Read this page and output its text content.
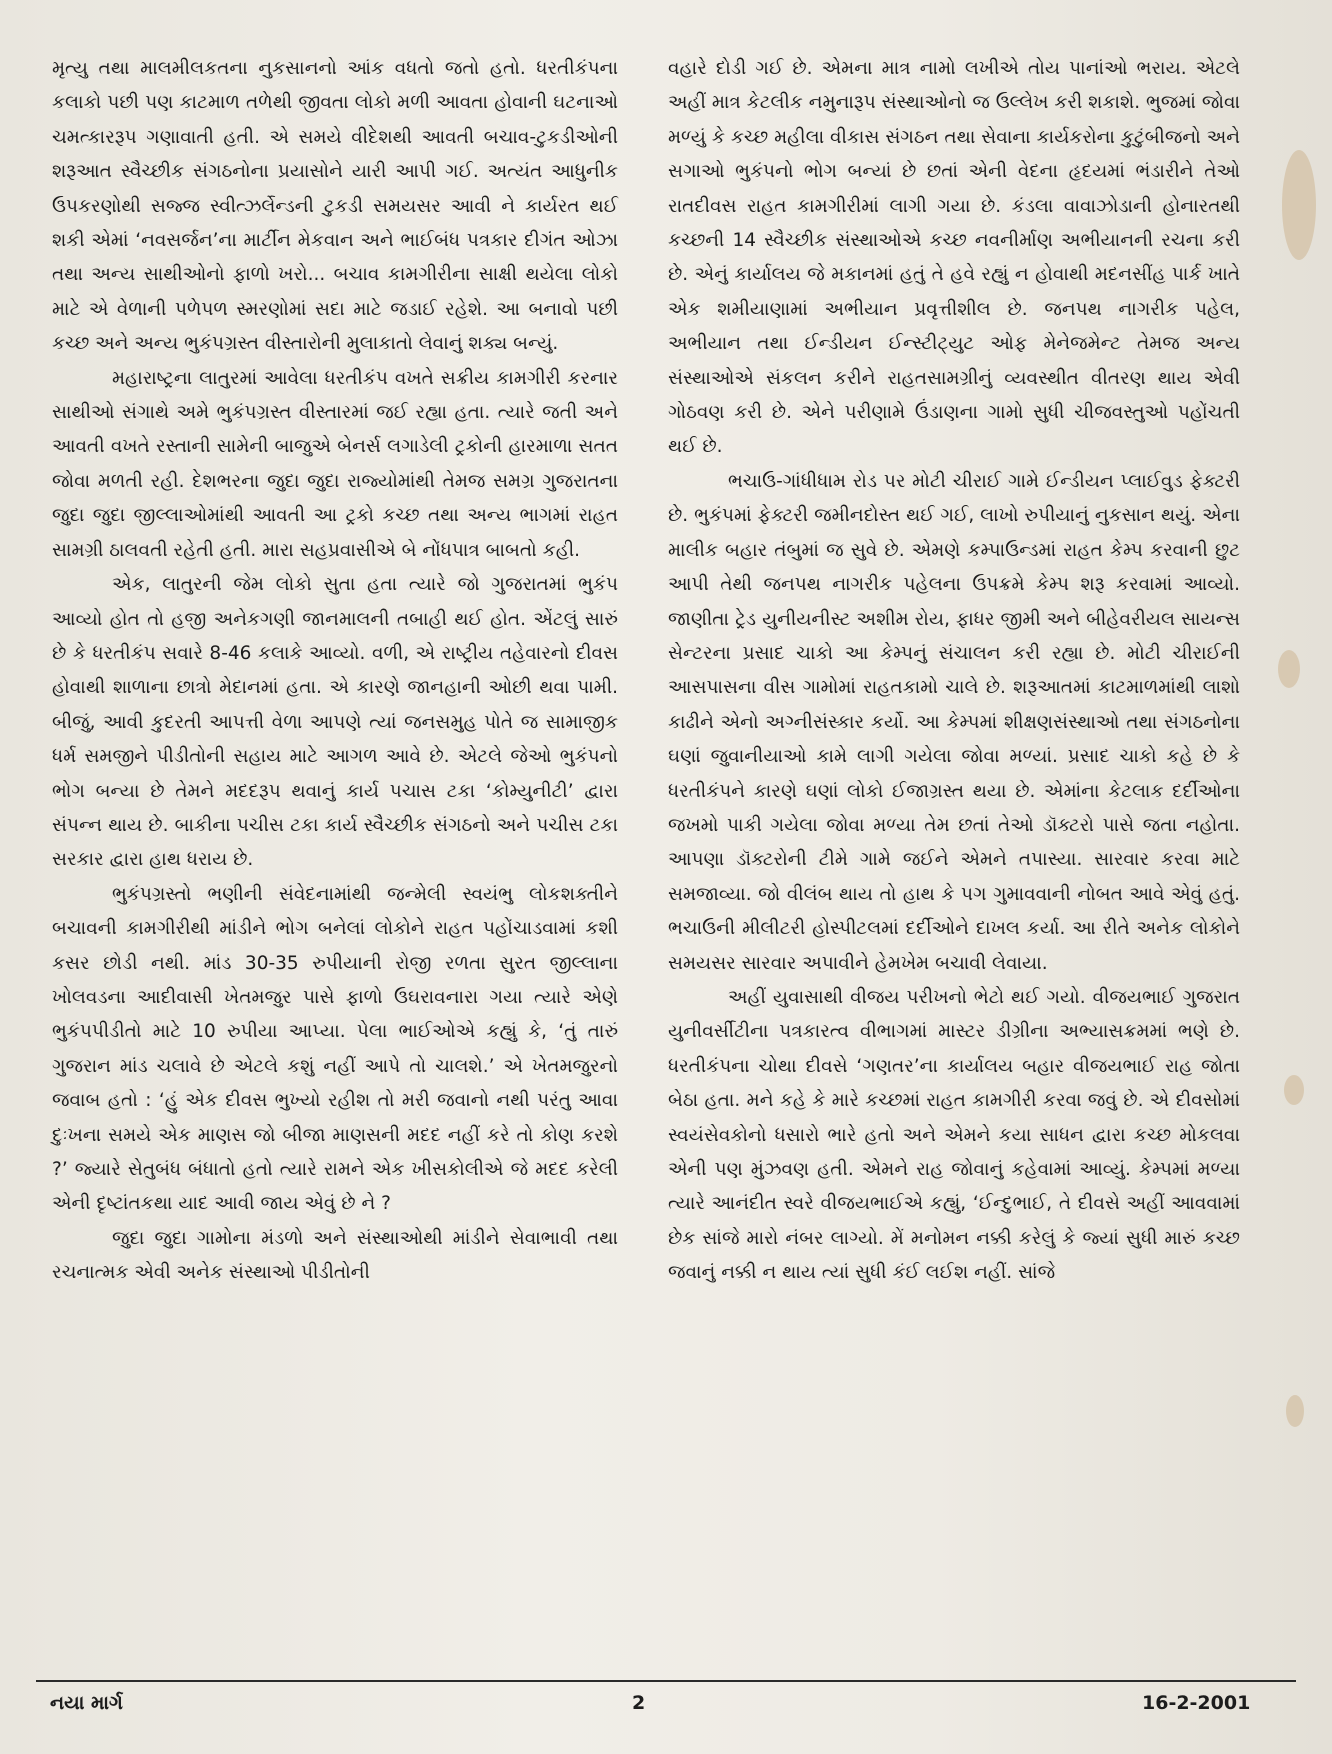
મૃત્યુ તથા માલમીલકતના નુકસાનનો આંક વધતો જતો હતો. ધરતીકંપના કલાકો પછી પણ કાટમાળ તળેથી જીવતા લોકો મળી આવતા હોવાની ઘટનાઓ ચમત્કારરૂપ ગણાવાતી હતી. એ સમયે વીદેશથી આવતી બચાવ-ટુકડીઓની શરૂઆત સ્વૈચ્છીક સંગઠનોના પ્રયાસોને યારી આપી ગઈ. અત્યંત આધુનીક ઉપકરણોથી સજ્જ સ્વીત્ઝર્લેન્ડની ટુકડી સમયસર આવી ને કાર્યરત થઈ શકી એમાં ‘નવસર્જન’ના માર્ટીન મેકવાન અને ભાઈબંધ પત્રકાર દીગંત ઓઝા તથા અન્ય સાથીઓનો ફાળો ખરો... બચાવ કામગીરીના સાક્ષી થયેલા લોકો માટે એ વેળાની પળેપળ સ્મરણોમાં સદા માટે જડાઈ રહેશે. આ બનાવો પછી કચ્છ અને અન્ય ભુકંપગ્રસ્ત વીસ્તારોની મુલાકાતો લેવાનું શક્ય બન્યું.

મહારાષ્ટ્રના લાતુરમાં આવેલા ધરતીકંપ વખતે સક્રીય કામગીરી કરનાર સાથીઓ સંગાથે અમે ભુકંપગ્રસ્ત વીસ્તારમાં જઈ રહ્યા હતા. ત્યારે જતી અને આવતી વખતે રસ્તાની સામેની બાજુએ બેનર્સ લગાડેલી ટ્રકોની હારમાળા સતત જોવા મળતી રહી. દેશભરના જુદા જુદા રાજ્યોમાંથી તેમજ સમગ્ર ગુજરાતના જુદા જુદા જીલ્લાઓમાંથી આવતી આ ટ્રકો કચ્છ તથા અન્ય ભાગમાં રાહત સામગ્રી ઠાલવતી રહેતી હતી. મારા સહપ્રવાસીએ બે નોંધપાત્ર બાબતો કહી.

એક, લાતુરની જેમ લોકો સુતા હતા ત્યારે જો ગુજરાતમાં ભુકંપ આવ્યો હોત તો હજી અનેકગણી જાનમાલની તબાહી થઈ હોત. એંટલું સારું છે કે ધરતીકંપ સવારે 8-46 કલાકે આવ્યો. વળી, એ રાષ્ટ્રીય તહેવારનો દીવસ હોવાથી શાળાના છાત્રો મેદાનમાં હતા. એ કારણે જાનહાની ઓછી થવા પામી. બીજું, આવી કુદરતી આપત્તી વેળા આપણે ત્યાં જનસમુહ પોતે જ સામાજીક ધર્મ સમજીને પીડીતોની સહાય માટે આગળ આવે છે. એટલે જેઓ ભુકંપનો ભોગ બન્યા છે તેમને મદદરૂપ થવાનું કાર્ય પચાસ ટકા ‘કોમ્યુનીટી’ દ્વારા સંપન્ન થાય છે. બાકીના પચીસ ટકા કાર્ય સ્વૈચ્છીક સંગઠનો અને પચીસ ટકા સરકાર દ્વારા હાથ ધરાય છે.

ભુકંપગ્રસ્તો ભણીની સંવેદનામાંથી જન્મેલી સ્વયંભુ લોકશક્તીને બચાવની કામગીરીથી માંડીને ભોગ બનેલાં લોકોને રાહત પહોંચાડવામાં કશી કસર છોડી નથી. માંડ 30-35 રુપીયાની રોજી રળતા સુરત જીલ્લાના ખોલવડના આદીવાસી ખેતમજુર પાસે ફાળો ઉઘરાવનારા ગયા ત્યારે એણે ભુકંપપીડીતો માટે 10 રુપીયા આપ્યા. પેલા ભાઈઓએ કહ્યું કે, ‘તું તારું ગુજરાન માંડ ચલાવે છે એટલે કશું નહીં આપે તો ચાલશે.’ એ ખેતમજુરનો જવાબ હતો : ‘હું એક દીવસ ભુખ્યો રહીશ તો મરી જવાનો નથી પરંતુ આવા દુઃખના સમયે એક માણસ જો બીજા માણસની મદદ નહીં કરે તો કોણ કરશે ?’ જ્યારે સેતુબંધ બંધાતો હતો ત્યારે રામને એક ખીસકોલીએ જે મદદ કરેલી એની દૃષ્ટાંતકથા યાદ આવી જાય એવું છે ને ?

જુદા જુદા ગામોના મંડળો અને સંસ્થાઓથી માંડીને સેવાભાવી તથા રચનાત્મક એવી અનેક સંસ્થાઓ પીડીતોની

વહારે દોડી ગઈ છે. એમના માત્ર નામો લખીએ તોય પાનાંઓ ભરાય. એટલે અહીં માત્ર કેટલીક નમુનારૂપ સંસ્થાઓનો જ ઉલ્લેખ કરી શકાશે. ભુજમાં જોવા મળ્યું કે કચ્છ મહીલા વીકાસ સંગઠન તથા સેવાના કાર્યકરોના કુટુંબીજનો અને સગાઓ ભુકંપનો ભોગ બન્યાં છે છતાં એની વેદના હૃદયમાં ભંડારીને તેઓ રાતદીવસ રાહત કામગીરીમાં લાગી ગયા છે. કંડલા વાવાઝોડાની હોનારતથી કચ્છની 14 સ્વૈચ્છીક સંસ્થાઓએ કચ્છ નવનીર્માણ અભીયાનની રચના કરી છે. એનું કાર્યાલય જે મકાનમાં હતું તે હવે રહ્યું ન હોવાથી મદનસીંહ પાર્ક ખાતે એક શમીયાણામાં અભીયાન પ્રવૃત્તીશીલ છે. જનપથ નાગરીક પહેલ, અભીયાન તથા ઈન્ડીયન ઈન્સ્ટીટ્યુટ ઓફ મેનેજમેન્ટ તેમજ અન્ય સંસ્થાઓએ સંકલન કરીને રાહતસામગ્રીનું વ્યવસ્થીત વીતરણ થાય એવી ગોઠવણ કરી છે. એને પરીણામે ઉંડાણના ગામો સુધી ચીજવસ્તુઓ પહોંચતી થઈ છે.

ભચાઉ-ગાંધીધામ રોડ પર મોટી ચીરાઈ ગામે ઈન્ડીયન પ્લાઈવુડ ફેક્ટરી છે. ભુકંપમાં ફેક્ટરી જમીનદોસ્ત થઈ ગઈ, લાખો રુપીયાનું નુકસાન થયું. એના માલીક બહાર તંબુમાં જ સુવે છે. એમણે કમ્પાઉન્ડમાં રાહત કેમ્પ કરવાની છુટ આપી તેથી જનપથ નાગરીક પહેલના ઉપક્રમે કેમ્પ શરૂ કરવામાં આવ્યો. જાણીતા ટ્રેડ યુનીયનીસ્ટ અશીમ રોય, ફાધર જીમી અને બીહેવરીયલ સાયન્સ સેન્ટરના પ્રસાદ ચાકો આ કેમ્પનું સંચાલન કરી રહ્યા છે. મોટી ચીરાઈની આસપાસના વીસ ગામોમાં રાહતકામો ચાલે છે. શરૂઆતમાં કાટમાળમાંથી લાશો કાઢીને એનો અગ્નીસંસ્કાર કર્યો. આ કેમ્પમાં શીક્ષણસંસ્થાઓ તથા સંગઠનોના ઘણાં જુવાનીયાઓ કામે લાગી ગયેલા જોવા મળ્યાં. પ્રસાદ ચાકો કહે છે કે ધરતીકંપને કારણે ઘણાં લોકો ઈજાગ્રસ્ત થયા છે. એમાંના કેટલાક દર્દીઓના જખમો પાકી ગયેલા જોવા મળ્યા તેમ છતાં તેઓ ડૉક્ટરો પાસે જતા નહોતા. આપણા ડૉક્ટરોની ટીમે ગામે જઈને એમને તપાસ્યા. સારવાર કરવા માટે સમજાવ્યા. જો વીલંબ થાય તો હાથ કે પગ ગુમાવવાની નોબત આવે એવું હતું. ભચાઉની મીલીટરી હોસ્પીટલમાં દર્દીઓને દાખલ કર્યા. આ રીતે અનેક લોકોને સમયસર સારવાર અપાવીને હેમખેમ બચાવી લેવાયા.

અહીં યુવાસાથી વીજય પરીખનો ભેટો થઈ ગયો. વીજયભાઈ ગુજરાત યુનીવર્સીટીના પત્રકારત્વ વીભાગમાં માસ્ટર ડીગ્રીના અભ્યાસક્રમમાં ભણે છે. ધરતીકંપના ચોથા દીવસે ‘ગણતર’ના કાર્યાલય બહાર વીજયભાઈ રાહ જોતા બેઠા હતા. મને કહે કે મારે કચ્છમાં રાહત કામગીરી કરવા જવું છે. એ દીવસોમાં સ્વયંસેવકોનો ધસારો ભારે હતો અને એમને કયા સાધન દ્વારા કચ્છ મોકલવા એની પણ મુંઝવણ હતી. એમને રાહ જોવાનું કહેવામાં આવ્યું. કેમ્પમાં મળ્યા ત્યારે આનંદીત સ્વરે વીજયભાઈએ કહ્યું, ‘ઈન્દુભાઈ, તે દીવસે અહીં આવવામાં છેક સાંજે મારો નંબર લાગ્યો. મેં મનોમન નક્કી કરેલું કે જ્યાં સુધી મારું કચ્છ જવાનું નક્કી ન થાય ત્યાં સુધી કંઈ લઈશ નહીં. સાંજે

નયા માર્ગ	2	16-2-2001
